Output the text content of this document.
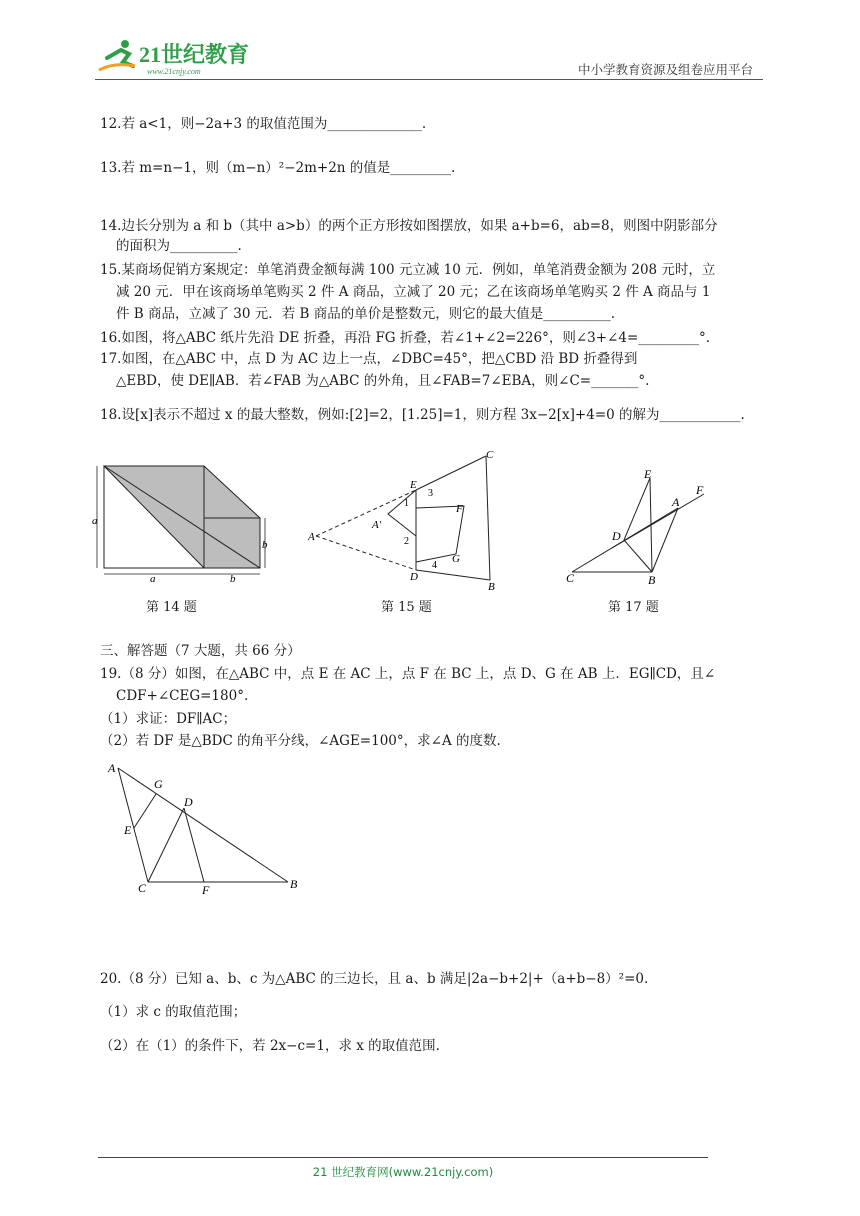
21世纪教育
www.21cnjy.com	中小学教育资源及组卷应用平台
12.若 a<1，则−2a+3 的取值范围为______________.
13.若 m=n−1，则（m−n）²−2m+2n 的值是_________.
14.边长分别为 a 和 b（其中 a>b）的两个正方形按如图摆放，如果 a+b=6，ab=8，则图中阴影部分
的面积为__________.
15.某商场促销方案规定：单笔消费金额每满 100 元立减 10 元．例如，单笔消费金额为 208 元时，立
减 20 元．甲在该商场单笔购买 2 件 A 商品，立减了 20 元；乙在该商场单笔购买 2 件 A 商品与 1
件 B 商品，立减了 30 元．若 B 商品的单价是整数元，则它的最大值是__________.
16.如图，将△ABC 纸片先沿 DE 折叠，再沿 FG 折叠，若∠1+∠2=226°，则∠3+∠4=_________°.
17.如图，在△ABC 中，点 D 为 AC 边上一点，∠DBC=45°，把△CBD 沿 BD 折叠得到
△EBD，使 DE∥AB．若∠FAB 为△ABC 的外角，且∠FAB=7∠EBA，则∠C=_______°.
18.设[x]表示不超过 x 的最大整数，例如:[2]=2，[1.25]=1，则方程 3x−2[x]+4=0 的解为____________.
a
a	b
b
第 14 题
A
A′
C
B
E
D
F
G
1
2
3
4
第 15 题
C	B
D
E
A
F
第 17 题
三、解答题（7 大题，共 66 分）
19.（8 分）如图，在△ABC 中，点 E 在 AC 上，点 F 在 BC 上，点 D、G 在 AB 上．EG∥CD，且∠
CDF+∠CEG=180°.
（1）求证：DF∥AC；
（2）若 DF 是△BDC 的角平分线，∠AGE=100°，求∠A 的度数.
A
G
D
E
C	F	B
20.（8 分）已知 a、b、c 为△ABC 的三边长，且 a、b 满足|2a−b+2|+（a+b−8）²=0.
（1）求 c 的取值范围；
（2）在（1）的条件下，若 2x−c=1，求 x 的取值范围.
21 世纪教育网(www.21cnjy.com)
